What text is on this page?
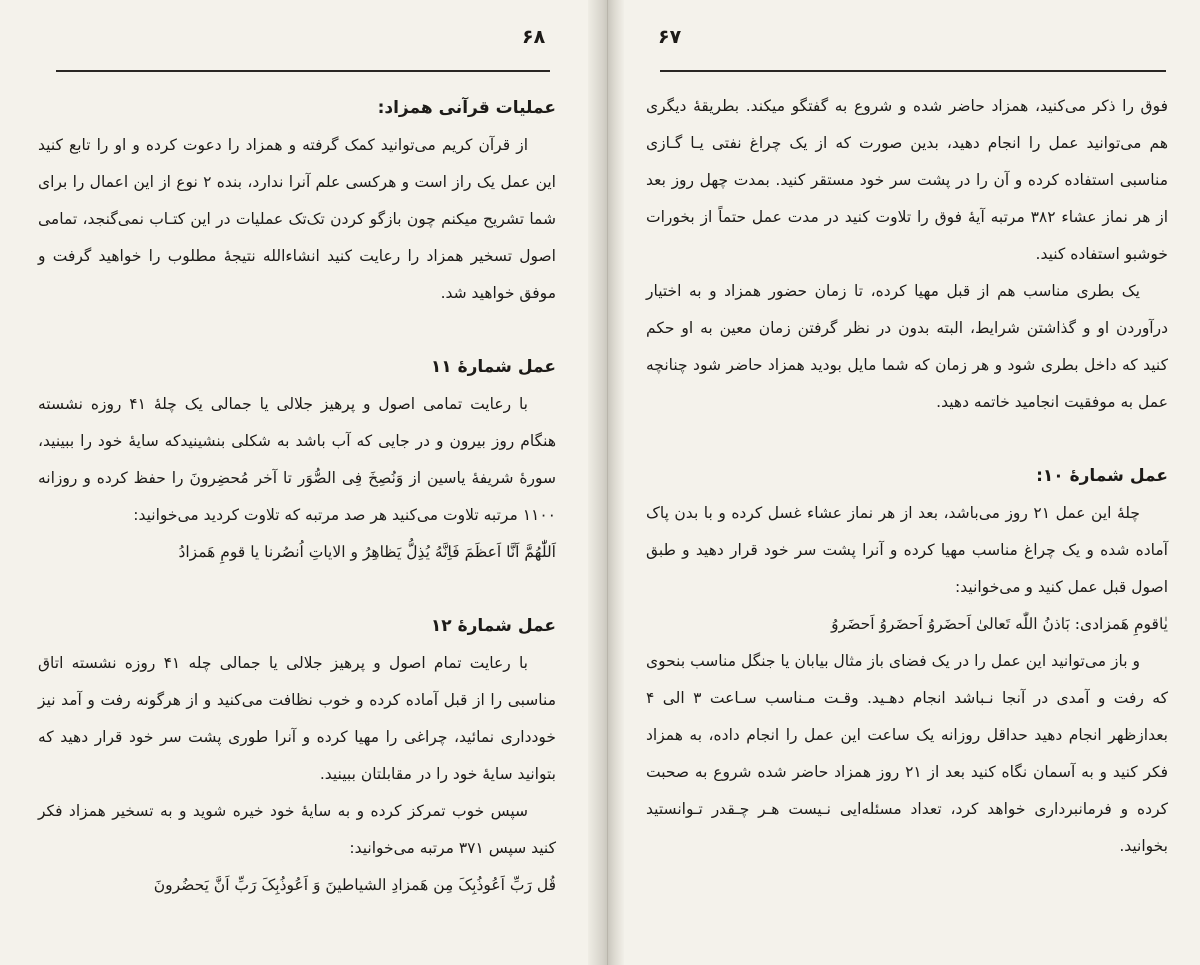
۶۸

عملیات قرآنی همزاد:

از قرآن کریم می‌توانید کمک گرفته و همزاد را دعوت کرده و او را تابع کنید این عمل یک راز است و هرکسی علم آنرا ندارد، بنده ۲ نوع از این اعمال را برای شما تشریح میکنم چون بازگو کردن تک‌تک عملیات در این کتـاب نمی‌گنجد، تمامی اصول تسخیر همزاد را رعایت کنید انشاءالله نتیجهٔ مطلوب را خواهید گرفت و موفق خواهید شد.

عمل شمارهٔ ۱۱

با رعایت تمامی اصول و پرهیز جلالی یا جمالی یک چلهٔ ۴۱ روزه نشسته هنگام روز بیرون و در جایی که آب باشد به شکلی بنشینیدکه سایهٔ خود را ببینید، سورهٔ شریفهٔ یاسین از وَنُصِخَ فِی الصُّوَر تا آخر مُحضِرونَ را حفظ کرده و روزانه ۱۱۰۰ مرتبه تلاوت می‌کنید هر صد مرتبه که تلاوت کردید می‌خوانید:

اَللّٰهُمَّ اَنَّا اَعظَمَ فَاِنَّهُ یُذِلُّ یَظاهِرُ و الایاتِ اُنصُرنا یا قومِ هَمزادُ

عمل شمارهٔ ۱۲

با رعایت تمام اصول و پرهیز جلالی یا جمالی چله ۴۱ روزه نشسته اتاق مناسبی را از قبل آماده کرده و خوب نظافت می‌کنید و از هرگونه رفت و آمد نیز خودداری نمائید، چراغی را مهیا کرده و آنرا طوری پشت سر خود قرار دهید که بتوانید سایهٔ خود را در مقابلتان ببینید.

سپس خوب تمرکز کرده و به سایهٔ خود خیره شوید و به تسخیر همزاد فکر کنید سپس ۳۷۱ مرتبه می‌خوانید:

قُل رَبِّ اَعُوذُبِکَ مِن هَمزادِ الشیاطینَ وَ اَعُوذُبِکَ رَبِّ اَنَّ یَحضُرونَ

۶۷

فوق را ذکر می‌کنید، همزاد حاضر شده و شروع به گفتگو میکند. بطریقهٔ دیگری هم می‌توانید عمل را انجام دهید، بدین صورت که از یک چراغ نفتی یـا گـازی مناسبی استفاده کرده و آن را در پشت سر خود مستقر کنید. بمدت چهل روز بعد از هر نماز عشاء ۳۸۲ مرتبه آیهٔ فوق را تلاوت کنید در مدت عمل حتماً از بخورات خوشبو استفاده کنید.

یک بطری مناسب هم از قبل مهیا کرده، تا زمان حضور همزاد و به اختیار درآوردن او و گذاشتن شرایط، البته بدون در نظر گرفتن زمان معین به او حکم کنید که داخل بطری شود و هر زمان که شما مایل بودید همزاد حاضر شود چنانچه عمل به موفقیت انجامید خاتمه دهید.

عمل شمارهٔ ۱۰:

چلهٔ این عمل ۲۱ روز می‌باشد، بعد از هر نماز عشاء غسل کرده و با بدن پاک آماده شده و یک چراغ مناسب مهیا کرده و آنرا پشت سر خود قرار دهید و طبق اصول قبل عمل کنید و می‌خوانید:

یٰاقومِ هَمزادی: بَاذنُ اللّٰه تَعالیٰ اَحضَروُ اَحضَروُ اَحضَروُ

و باز می‌توانید این عمل را در یک فضای باز مثال بیابان یا جنگل مناسب بنحوی که رفت و آمدی در آنجا نـباشد انجام دهـید. وقـت مـناسب سـاعت ۳ الی ۴ بعدازظهر انجام دهید حداقل روزانه یک ساعت این عمل را انجام داده، به همزاد فکر کنید و به آسمان نگاه کنید بعد از ۲۱ روز همزاد حاضر شده شروع به صحبت کرده و فرمانبرداری خواهد کرد، تعداد مسئله‌ایی نـیست هـر چـقدر تـوانستید بخوانید.
